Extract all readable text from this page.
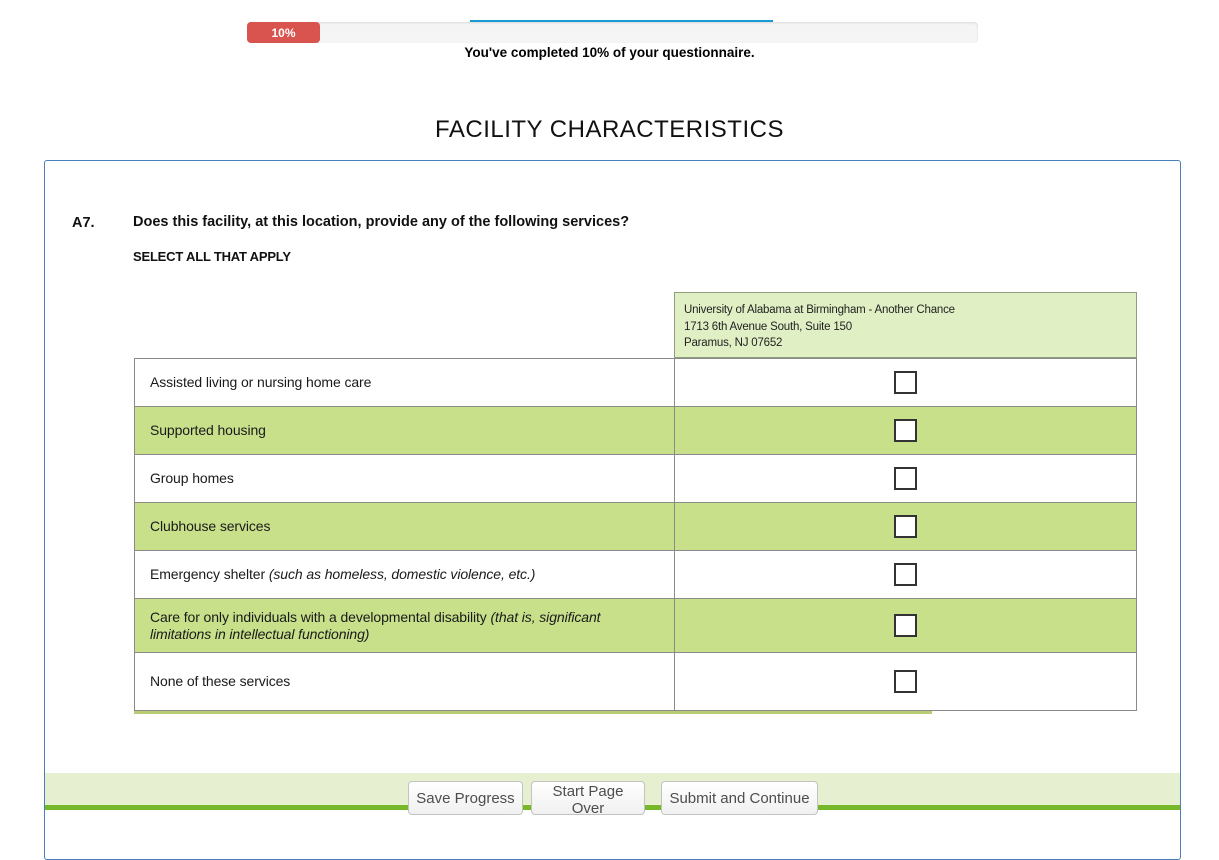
10%
You've completed 10% of your questionnaire.
FACILITY CHARACTERISTICS
A7.	Does this facility, at this location, provide any of the following services?
SELECT ALL THAT APPLY
University of Alabama at Birmingham - Another Chance
1713 6th Avenue South, Suite 150
Paramus, NJ 07652
Assisted living or nursing home care
Supported housing
Group homes
Clubhouse services
Emergency shelter (such as homeless, domestic violence, etc.)
Care for only individuals with a developmental disability (that is, significant limitations in intellectual functioning)
None of these services
Save Progress	Start Page Over
Submit and Continue
